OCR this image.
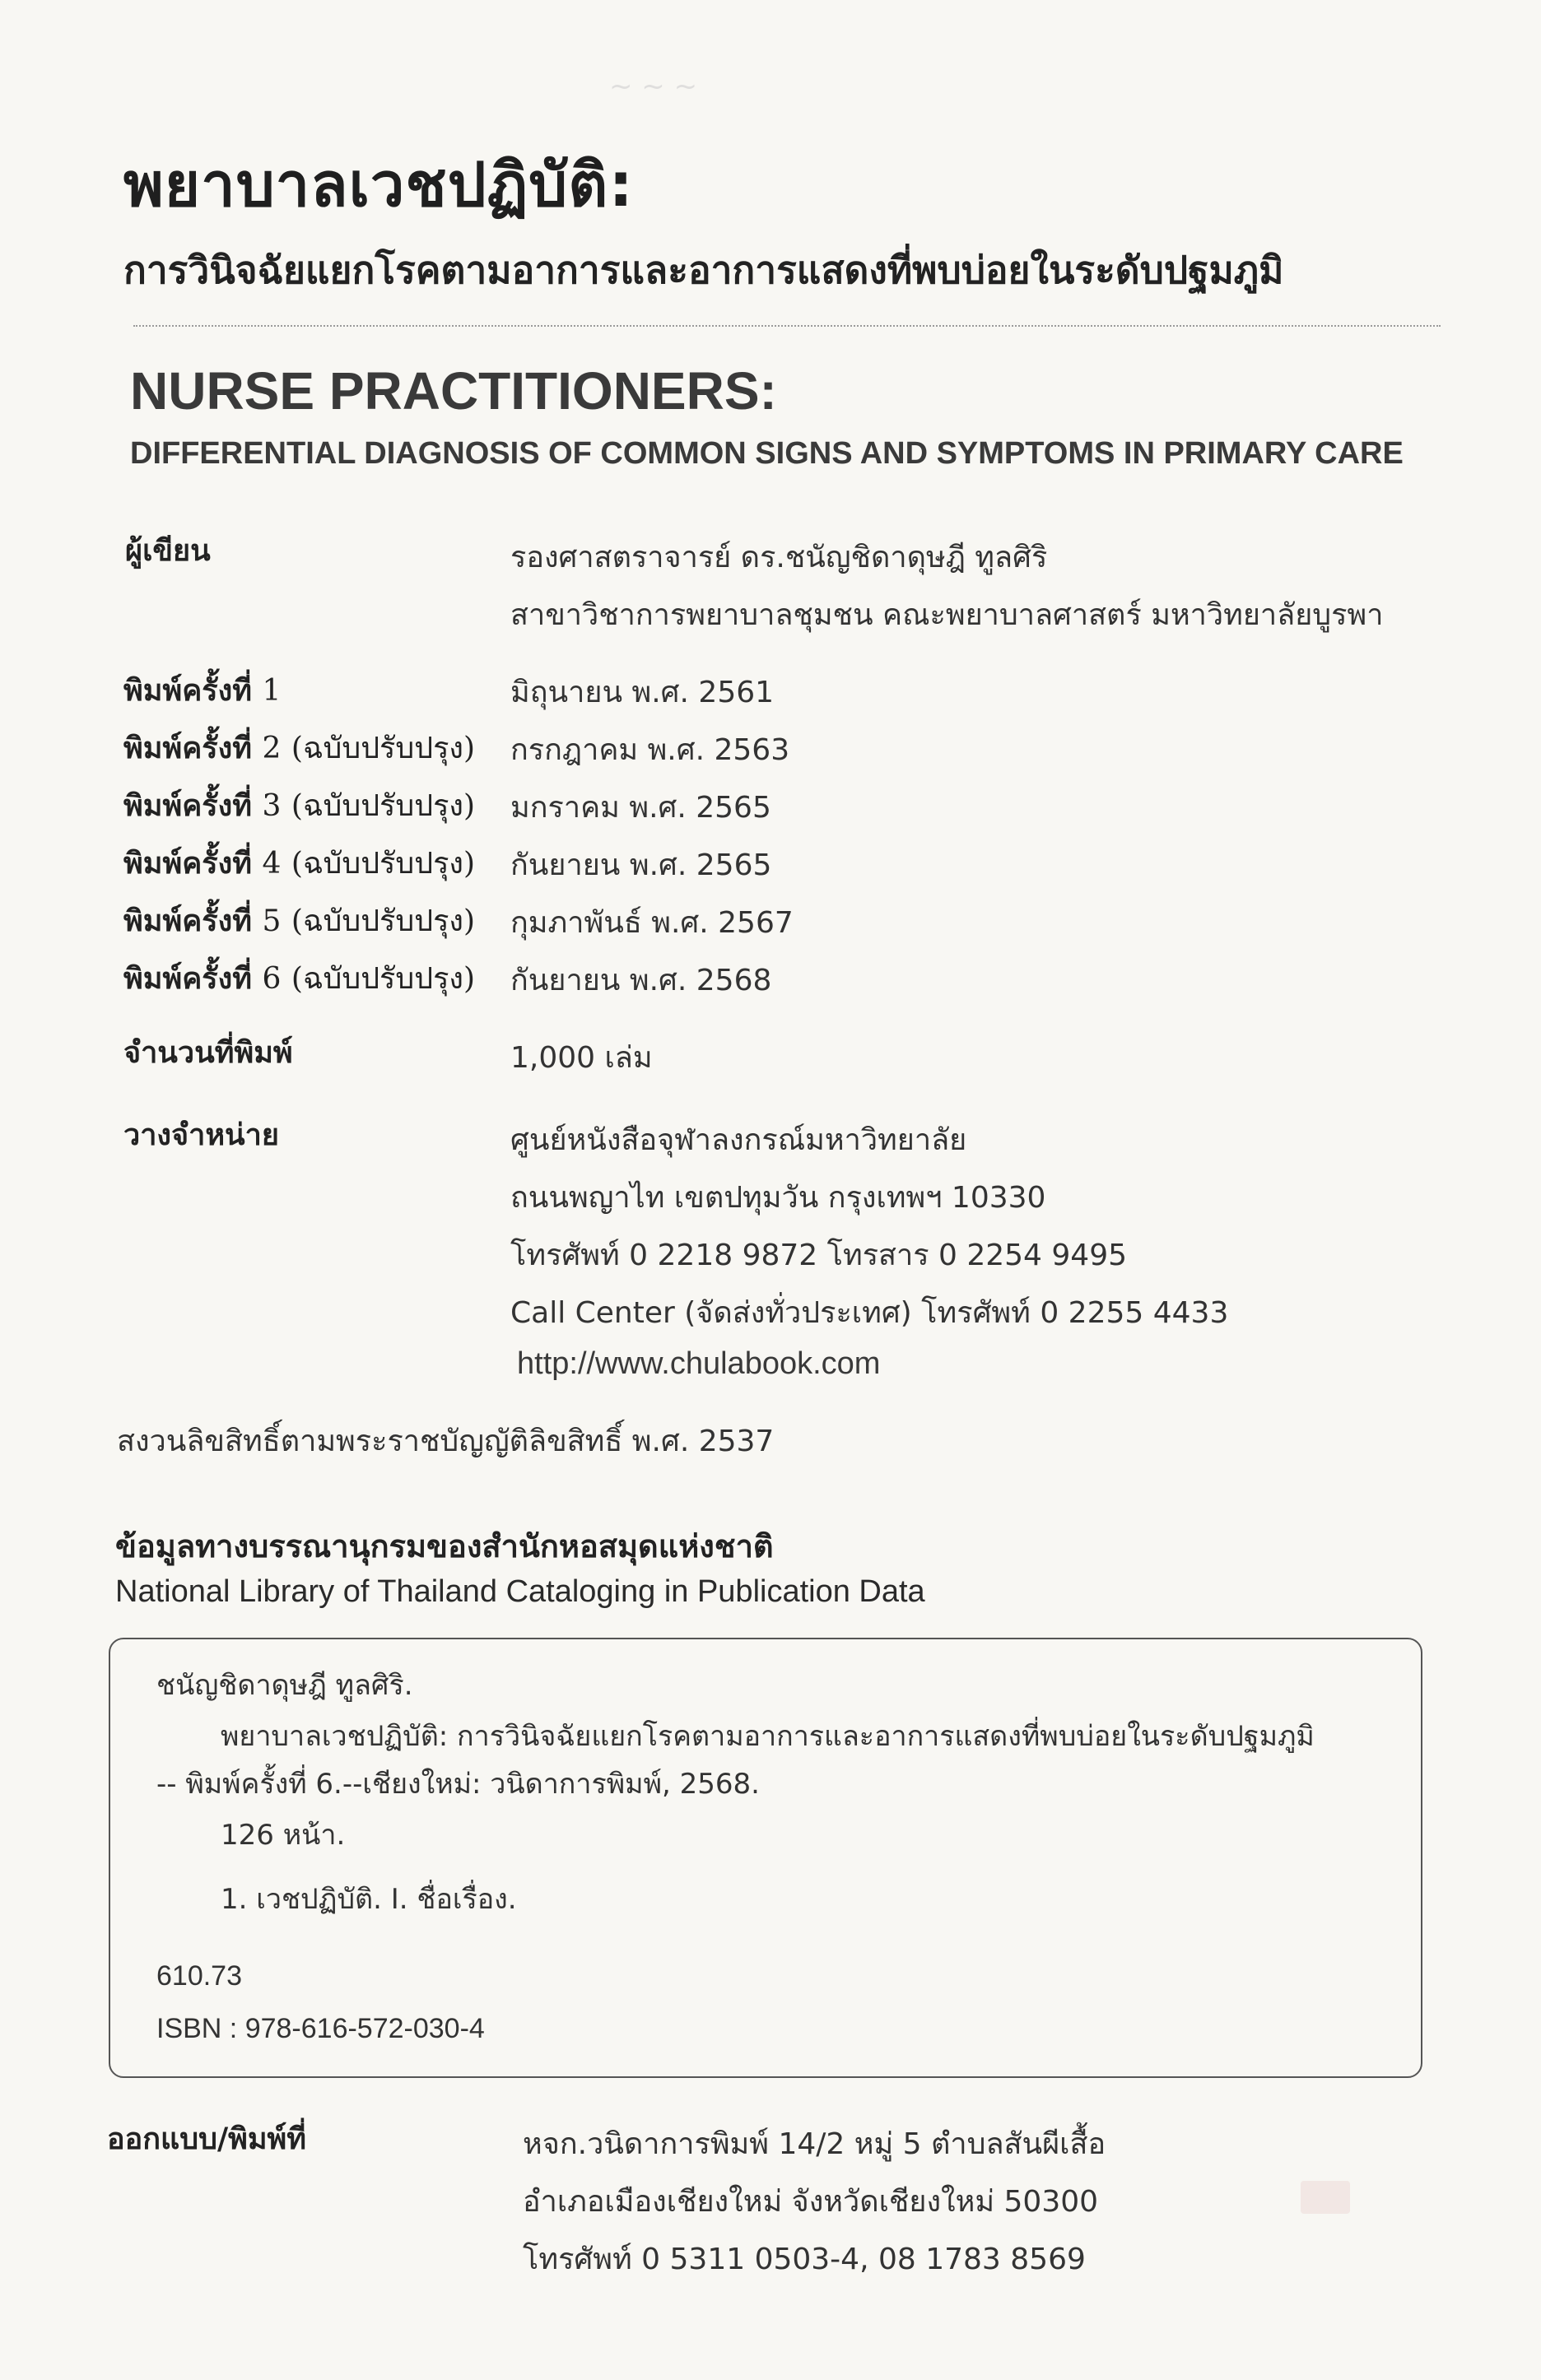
~ ~ ~
พยาบาลเวชปฏิบัติ:
การวินิจฉัยแยกโรคตามอาการและอาการแสดงที่พบบ่อยในระดับปฐมภูมิ
NURSE PRACTITIONERS:
DIFFERENTIAL DIAGNOSIS OF COMMON SIGNS AND SYMPTOMS IN PRIMARY CARE
ผู้เขียน	รองศาสตราจารย์ ดร.ชนัญชิดาดุษฎี ทูลศิริ
สาขาวิชาการพยาบาลชุมชน คณะพยาบาลศาสตร์ มหาวิทยาลัยบูรพา
พิมพ์ครั้งที่ 1	มิถุนายน พ.ศ. 2561
พิมพ์ครั้งที่ 2 (ฉบับปรับปรุง) กรกฎาคม พ.ศ. 2563
พิมพ์ครั้งที่ 3 (ฉบับปรับปรุง) มกราคม พ.ศ. 2565
พิมพ์ครั้งที่ 4 (ฉบับปรับปรุง) กันยายน พ.ศ. 2565
พิมพ์ครั้งที่ 5 (ฉบับปรับปรุง) กุมภาพันธ์ พ.ศ. 2567
พิมพ์ครั้งที่ 6 (ฉบับปรับปรุง) กันยายน พ.ศ. 2568
จำนวนที่พิมพ์	1,000 เล่ม
วางจำหน่าย	ศูนย์หนังสือจุฬาลงกรณ์มหาวิทยาลัย
ถนนพญาไท เขตปทุมวัน กรุงเทพฯ 10330
โทรศัพท์ 0 2218 9872 โทรสาร 0 2254 9495
Call Center (จัดส่งทั่วประเทศ) โทรศัพท์ 0 2255 4433
http://www.chulabook.com
สงวนลิขสิทธิ์ตามพระราชบัญญัติลิขสิทธิ์ พ.ศ. 2537
ข้อมูลทางบรรณานุกรมของสำนักหอสมุดแห่งชาติ
National Library of Thailand Cataloging in Publication Data
ชนัญชิดาดุษฎี ทูลศิริ.
พยาบาลเวชปฏิบัติ: การวินิจฉัยแยกโรคตามอาการและอาการแสดงที่พบบ่อยในระดับปฐมภูมิ
-- พิมพ์ครั้งที่ 6.--เชียงใหม่: วนิดาการพิมพ์, 2568.
126 หน้า.
1. เวชปฏิบัติ. I. ชื่อเรื่อง.
610.73
ISBN : 978-616-572-030-4
ออกแบบ/พิมพ์ที่	หจก.วนิดาการพิมพ์ 14/2 หมู่ 5 ตำบลสันผีเสื้อ
อำเภอเมืองเชียงใหม่ จังหวัดเชียงใหม่ 50300
โทรศัพท์ 0 5311 0503-4, 08 1783 8569
